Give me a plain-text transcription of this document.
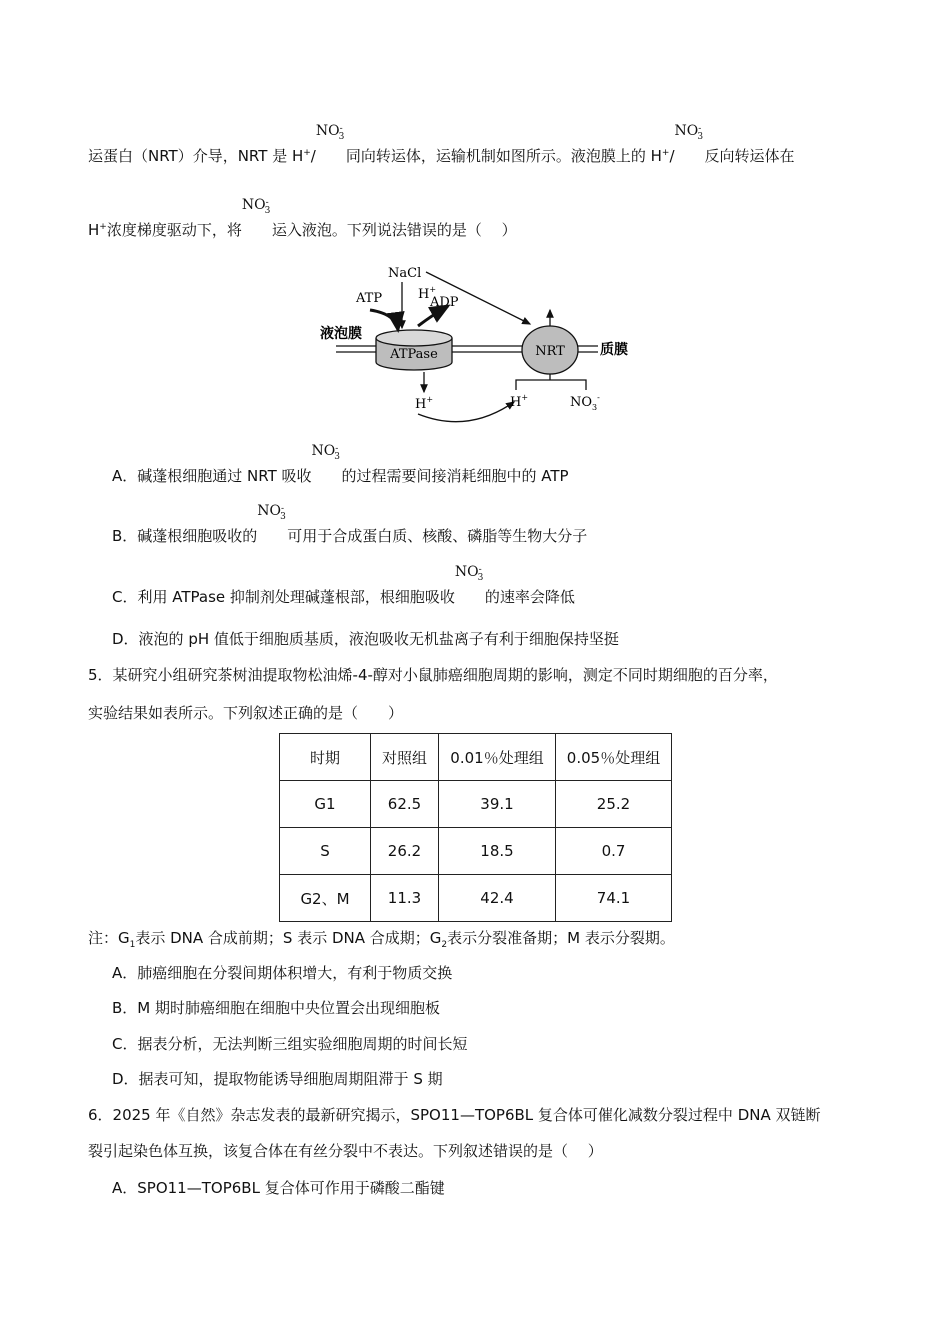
运蛋白（NRT）介导，NRT 是 H+/
$NO^-_3$
同向转运体，运输机制如图所示。液泡膜上的 H+/
$NO^-_3$
反向转运体在
H+浓度梯度驱动下，将
$NO^-_3$
运入液泡。下列说法错误的是（　 ）
ATPase	NRT
液泡膜
质膜
NaCl
ATP	H+
ADP
H+	H+	$NO_3^-$
A．碱蓬根细胞通过 NRT 吸收
$NO^-_3$
的过程需要间接消耗细胞中的 ATP
B．碱蓬根细胞吸收的
$NO^-_3$
可用于合成蛋白质、核酸、磷脂等生物大分子
C．利用 ATPase 抑制剂处理碱蓬根部，根细胞吸收
$NO^-_3$
的速率会降低
D．液泡的 pH 值低于细胞质基质，液泡吸收无机盐离子有利于细胞保持坚挺
5．某研究小组研究茶树油提取物松油烯-4-醇对小鼠肺癌细胞周期的影响，测定不同时期细胞的百分率，
实验结果如表所示。下列叙述正确的是（　　）
时期	对照组	0.01％处理组	0.05％处理组
G1	62.5	39.1	25.2
S	26.2	18.5	0.7
G2、M	11.3	42.4	74.1
注：$G_1$表示 DNA 合成前期；S 表示 DNA 合成期；$G_2$表示分裂准备期；M 表示分裂期。
A．肺癌细胞在分裂间期体积增大，有利于物质交换
B．M 期时肺癌细胞在细胞中央位置会出现细胞板
C．据表分析，无法判断三组实验细胞周期的时间长短
D．据表可知，提取物能诱导细胞周期阻滞于 S 期
6．2025 年《自然》杂志发表的最新研究揭示，SPO11—TOP6BL 复合体可催化减数分裂过程中 DNA 双链断
裂引起染色体互换，该复合体在有丝分裂中不表达。下列叙述错误的是（　 ）
A．SPO11—TOP6BL 复合体可作用于磷酸二酯键
